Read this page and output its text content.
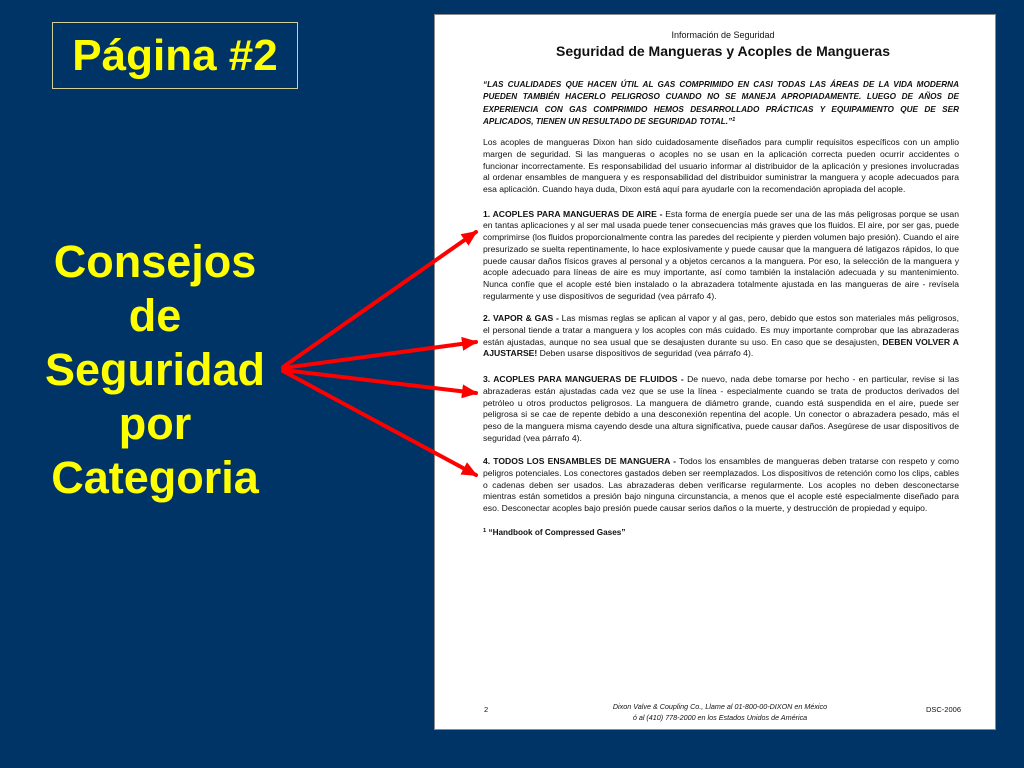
Página #2
Consejos
de
Seguridad
por
Categoria
Información de Seguridad
Seguridad de Mangueras y Acoples de Mangueras

“LAS CUALIDADES QUE HACEN ÚTIL AL GAS COMPRIMIDO EN CASI TODAS LAS ÁREAS DE LA VIDA MODERNA PUEDEN TAMBIÉN HACERLO PELIGROSO CUANDO NO SE MANEJA APROPIADAMENTE. LUEGO DE AÑOS DE EXPERIENCIA CON GAS COMPRIMIDO HEMOS DESARROLLADO PRÁCTICAS Y EQUIPAMIENTO QUE DE SER APLICADOS, TIENEN UN RESULTADO DE SEGURIDAD TOTAL.”$^1$

Los acoples de mangueras Dixon han sido cuidadosamente diseñados para cumplir requisitos específicos con un amplio margen de seguridad. Si las mangueras o acoples no se usan en la aplicación correcta pueden ocurrir accidentes o funcionar incorrectamente. Es responsabilidad del usuario informar al distribuidor de la aplicación y presiones involucradas al ordenar ensambles de manguera y es responsabilidad del distribuidor suministrar la manguera y acople adecuados para esa aplicación. Cuando haya duda, Dixon está aquí para ayudarle con la recomendación apropiada del acople.

1. ACOPLES PARA MANGUERAS DE AIRE - Esta forma de energía puede ser una de las más peligrosas porque se usan en tantas aplicaciones y al ser mal usada puede tener consecuencias más graves que los fluidos. El aire, por ser gas, puede comprimirse (los fluidos proporcionalmente contra las paredes del recipiente y pierden volumen bajo presión). Cuando el aire presurizado se suelta repentinamente, lo hace explosivamente y puede causar que la manguera dé latigazos rápidos, lo que puede causar daños físicos graves al personal y a objetos cercanos a la manguera. Por eso, la selección de la manguera y acople adecuado para líneas de aire es muy importante, así como también la instalación adecuada y su mantenimiento. Nunca confíe que el acople esté bien instalado o la abrazadera totalmente ajustada en las mangueras de aire - revísela regularmente y use dispositivos de seguridad (vea párrafo 4).

2. VAPOR & GAS - Las mismas reglas se aplican al vapor y al gas, pero, debido que estos son materiales más peligrosos, el personal tiende a tratar a manguera y los acoples con más cuidado. Es muy importante comprobar que las abrazaderas están ajustadas, aunque no sea usual que se desajusten durante su uso. En caso que se desajusten, DEBEN VOLVER A AJUSTARSE! Deben usarse dispositivos de seguridad (vea párrafo 4).

3. ACOPLES PARA MANGUERAS DE FLUIDOS - De nuevo, nada debe tomarse por hecho - en particular, revise si las abrazaderas están ajustadas cada vez que se use la línea - especialmente cuando se trata de productos derivados del petróleo u otros productos peligrosos. La manguera de diámetro grande, cuando está suspendida en el aire, puede ser peligrosa si se cae de repente debido a una desconexión repentina del acople. Un conector o abrazadera pesado, más el peso de la manguera misma cayendo desde una altura significativa, puede causar daños. Asegúrese de usar dispositivos de seguridad (vea párrafo 4).

4. TODOS LOS ENSAMBLES DE MANGUERA - Todos los ensambles de mangueras deben tratarse con respeto y como peligros potenciales. Los conectores gastados deben ser reemplazados. Los dispositivos de retención como los clips, cables o cadenas deben ser usados. Las abrazaderas deben verificarse regularmente. Los acoples no deben desconectarse mientras están sometidos a presión bajo ninguna circunstancia, a menos que el acople esté especialmente diseñado para eso. Desconectar acoples bajo presión puede causar serios daños o la muerte, y destrucción de propiedad y equipo.

$^1$ “Handbook of Compressed Gases”

2	Dixon Valve & Coupling Co., Llame al 01-800-00-DIXON en México
ó al (410) 778-2000 en los Estados Unidos de América
DSC-2006
